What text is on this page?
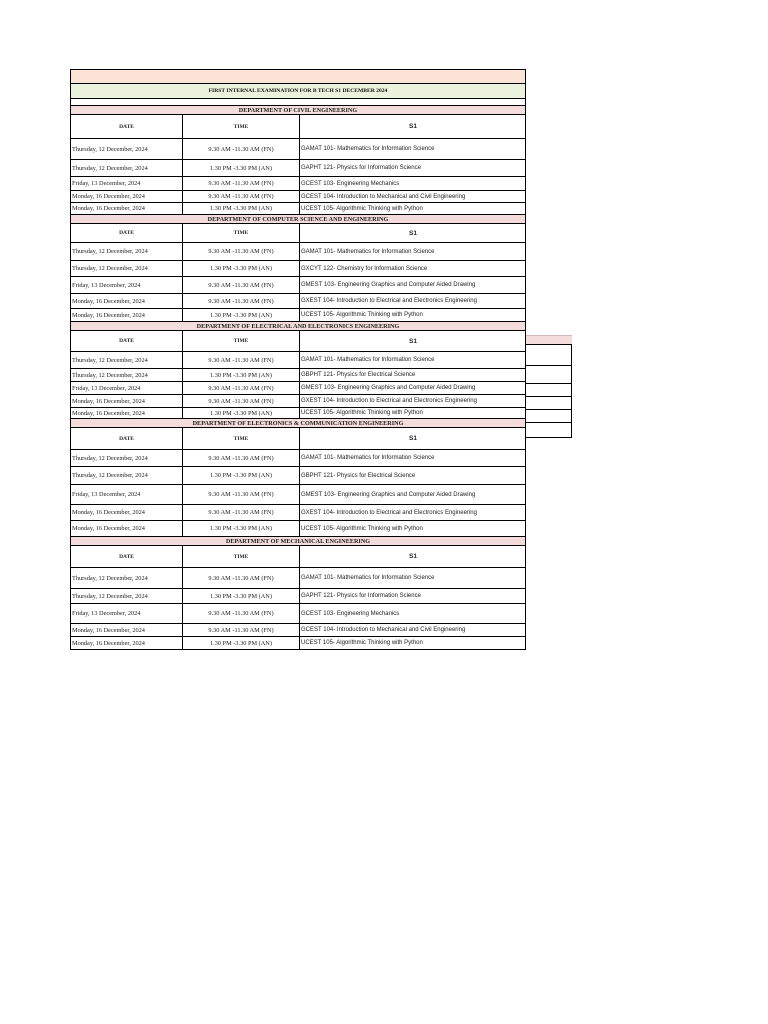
FIRST INTERNAL EXAMINATION FOR B TECH S1 DECEMBER 2024
DEPARTMENT OF CIVIL ENGINEERING
DATE	TIME	S1
Thursday, 12 December, 2024	9.30 AM -11.30 AM (FN)	GAMAT 101- Mathematics for Information Science
Thursday, 12 December, 2024	1.30 PM -3.30 PM (AN)	GAPHT 121- Physics for Information Science
Friday, 13 December, 2024	9.30 AM -11.30 AM (FN)	GCEST 103- Engineering Mechanics
Monday, 16 December, 2024	9.30 AM -11.30 AM (FN)	GCEST 104- Introduction to Mechanical and Civil Engineering
Monday, 16 December, 2024	1.30 PM -3.30 PM (AN)	UCEST 105- Algorithmic Thinking with Python
DEPARTMENT OF COMPUTER SCIENCE AND ENGINEERING
DATE	TIME	S1
Thursday, 12 December, 2024	9.30 AM -11.30 AM (FN)	GAMAT 101- Mathematics for Information Science
Thursday, 12 December, 2024	1.30 PM -3.30 PM (AN)	GXCYT 122- Chemistry for Information Science
Friday, 13 December, 2024	9.30 AM -11.30 AM (FN)	GMEST 103- Engineering Graphics and Computer Aided Drawing
Monday, 16 December, 2024	9.30 AM -11.30 AM (FN)	GXEST 104- Introduction to Electrical and Electronics Engineering
Monday, 16 December, 2024	1.30 PM -3.30 PM (AN)	UCEST 105- Algorithmic Thinking with Python
DEPARTMENT OF ELECTRICAL AND ELECTRONICS ENGINEERING
DATE	TIME	S1
Thursday, 12 December, 2024	9.30 AM -11.30 AM (FN)	GAMAT 101- Mathematics for Information Science
Thursday, 12 December, 2024	1.30 PM -3.30 PM (AN)	GBPHT 121- Physics for Electrical Science
Friday, 13 December, 2024	9.30 AM -11.30 AM (FN)	GMEST 103- Engineering Graphics and Computer Aided Drawing
Monday, 16 December, 2024	9.30 AM -11.30 AM (FN)	GXEST 104- Introduction to Electrical and Electronics Engineering
Monday, 16 December, 2024	1.30 PM -3.30 PM (AN)	UCEST 105- Algorithmic Thinking with Python
DEPARTMENT OF ELECTRONICS & COMMUNICATION ENGINEERING
DATE	TIME	S1
Thursday, 12 December, 2024	9.30 AM -11.30 AM (FN)	GAMAT 101- Mathematics for Information Science
Thursday, 12 December, 2024	1.30 PM -3.30 PM (AN)	GBPHT 121- Physics for Electrical Science
Friday, 13 December, 2024	9.30 AM -11.30 AM (FN)	GMEST 103- Engineering Graphics and Computer Aided Drawing
Monday, 16 December, 2024	9.30 AM -11.30 AM (FN)	GXEST 104- Introduction to Electrical and Electronics Engineering
Monday, 16 December, 2024	1.30 PM -3.30 PM (AN)	UCEST 105- Algorithmic Thinking with Python
DEPARTMENT OF MECHANICAL ENGINEERING
DATE	TIME	S1
Thursday, 12 December, 2024	9.30 AM -11.30 AM (FN)	GAMAT 101- Mathematics for Information Science
Thursday, 12 December, 2024	1.30 PM -3.30 PM (AN)	GAPHT 121- Physics for Information Science
Friday, 13 December, 2024	9.30 AM -11.30 AM (FN)	GCEST 103- Engineering Mechanics
Monday, 16 December, 2024	9.30 AM -11.30 AM (FN)	GCEST 104- Introduction to Mechanical and Civil Engineering
Monday, 16 December, 2024	1.30 PM -3.30 PM (AN)	UCEST 105- Algorithmic Thinking with Python
